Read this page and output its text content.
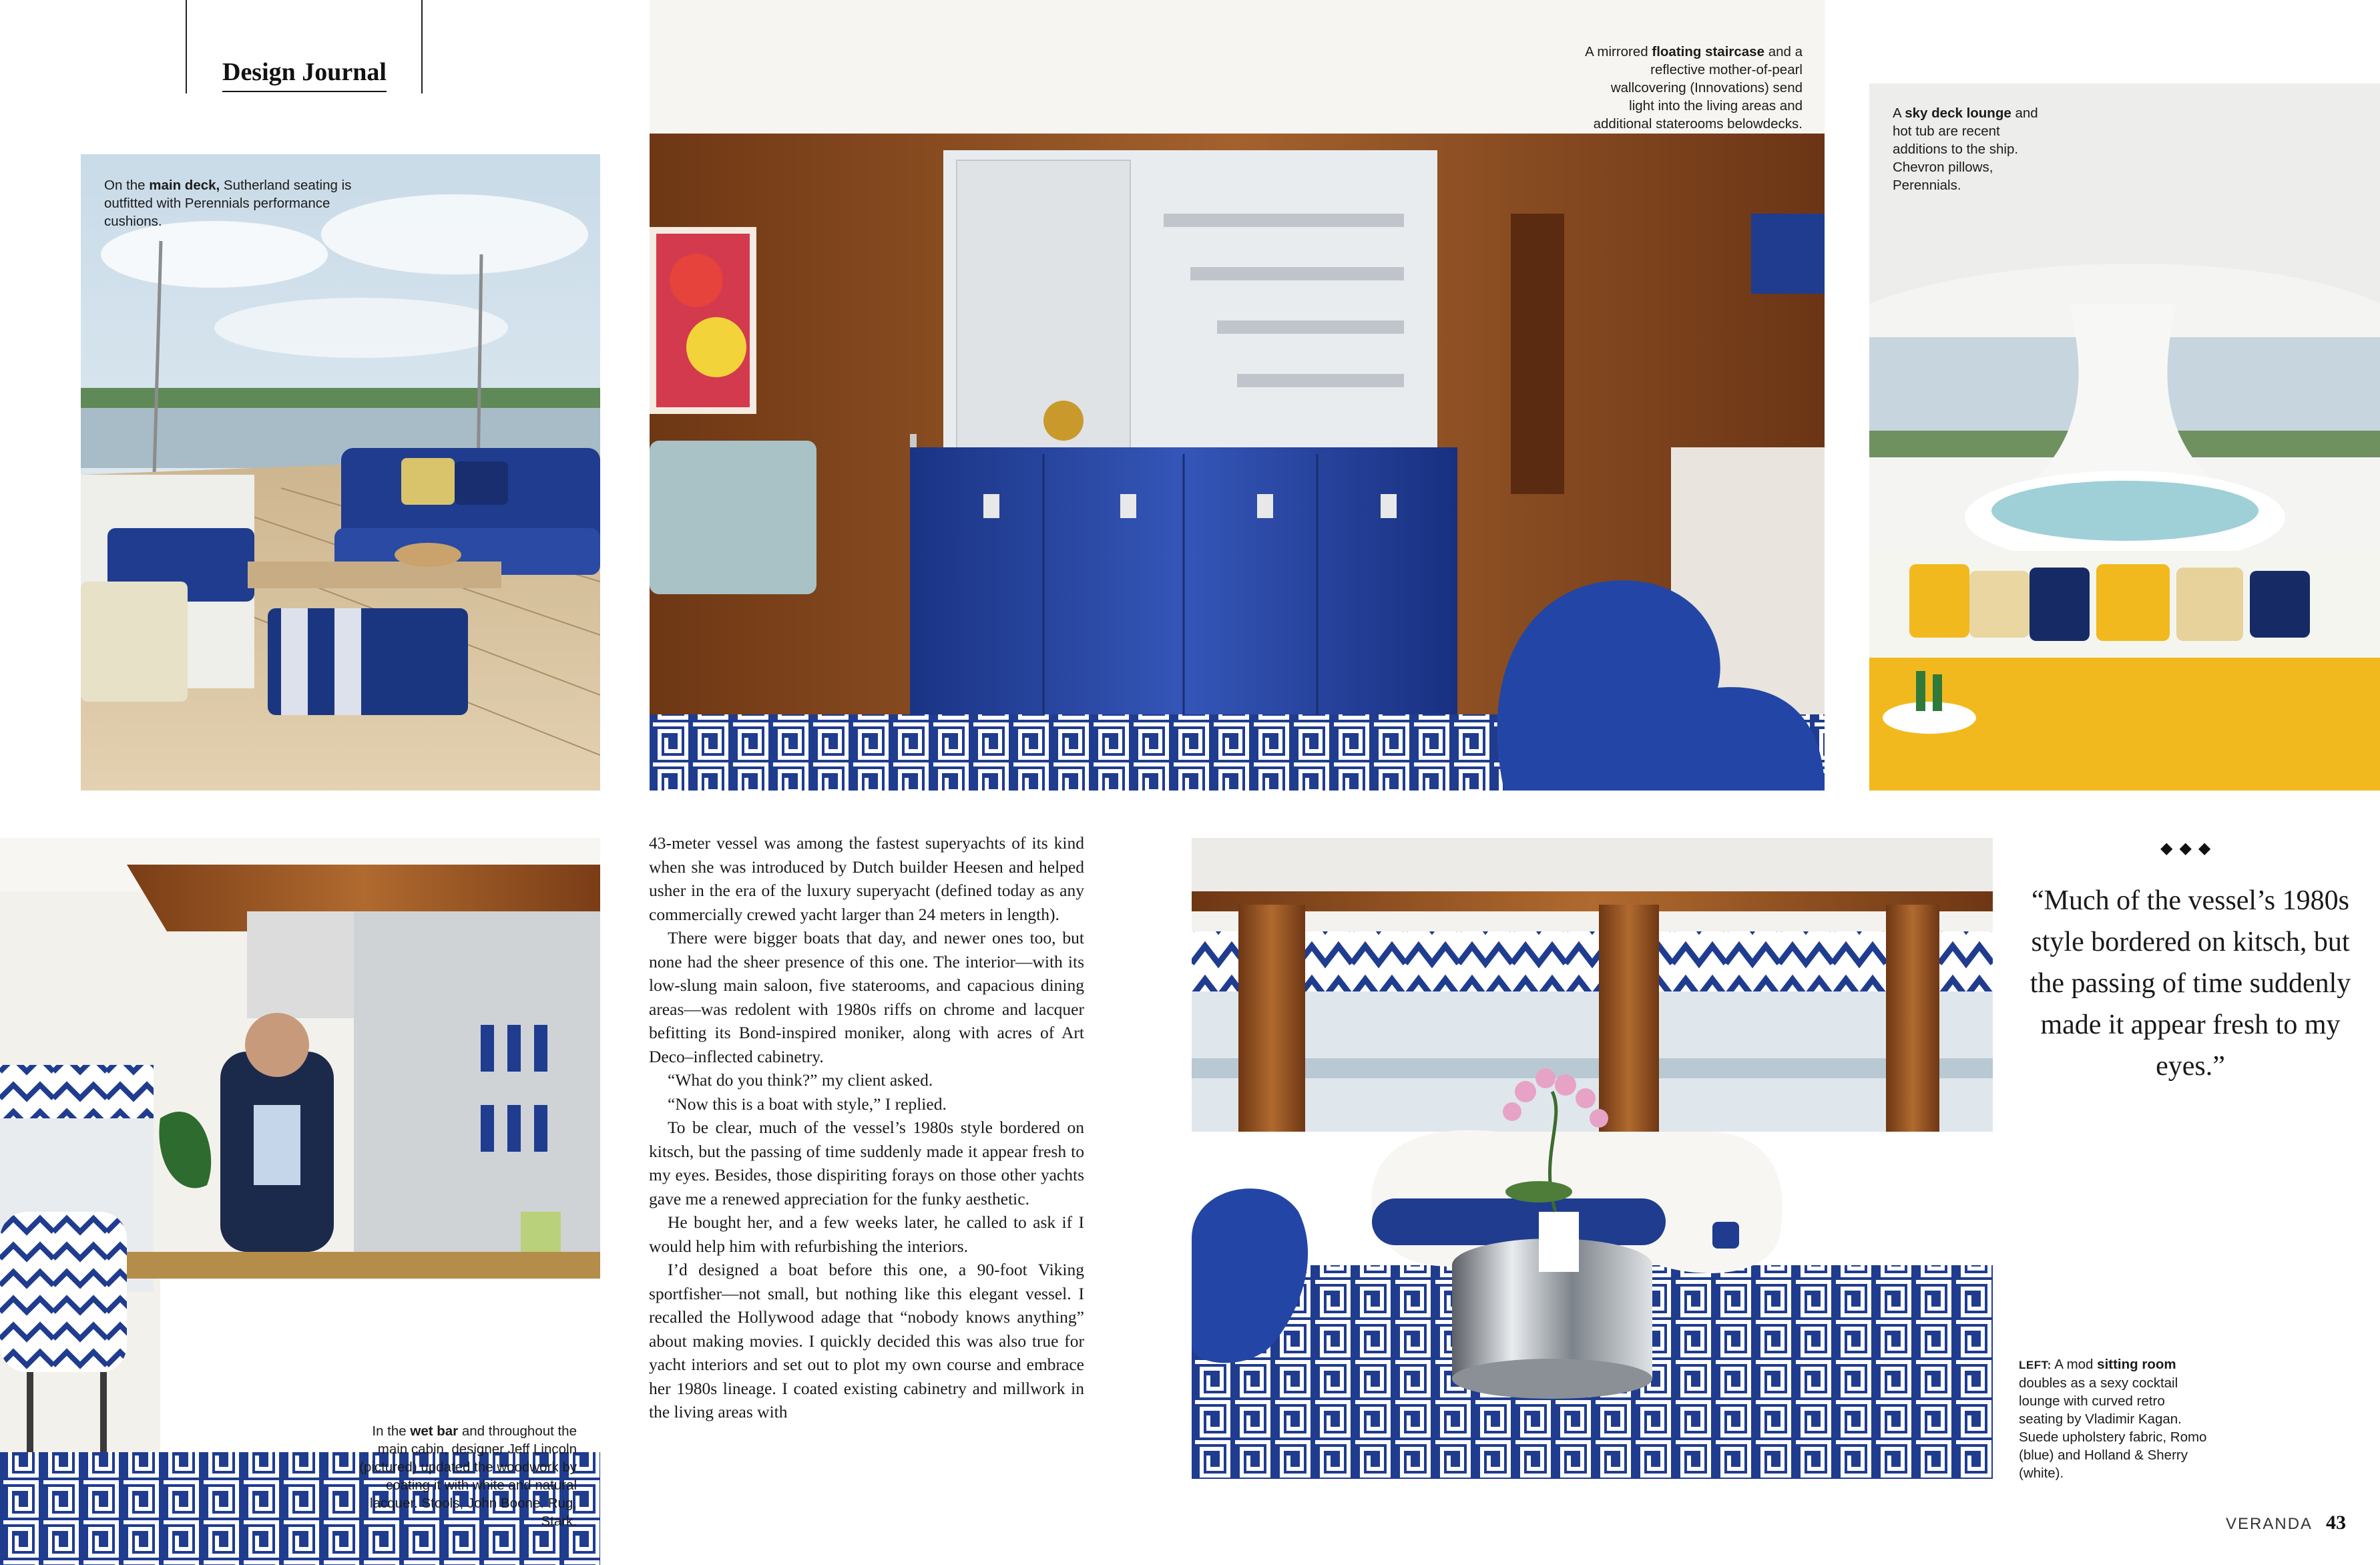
Design Journal
On the main deck, Sutherland seating is outfitted with Perennials performance cushions.
A mirrored floating staircase and a reflective mother-of-pearl wallcovering (Innovations) send light into the living areas and additional staterooms belowdecks.
A sky deck lounge and hot tub are recent additions to the ship. Chevron pillows, Perennials.
In the wet bar and throughout the main cabin, designer Jeff Lincoln (pictured) updated the woodwork by coating it with white and natural lacquer. Stools, John Boone. Rug, Stark.

43-meter vessel was among the fastest superyachts of its kind when she was introduced by Dutch builder Heesen and helped usher in the era of the luxury superyacht (defined today as any commercially crewed yacht larger than 24 meters in length).

There were bigger boats that day, and newer ones too, but none had the sheer presence of this one. The interior—with its low-slung main saloon, five staterooms, and capacious dining areas—was redolent with 1980s riffs on chrome and lacquer befitting its Bond-inspired moniker, along with acres of Art Deco–inflected cabinetry.

“What do you think?” my client asked.

“Now this is a boat with style,” I replied.

To be clear, much of the vessel’s 1980s style bordered on kitsch, but the passing of time suddenly made it appear fresh to my eyes. Besides, those dispiriting forays on those other yachts gave me a renewed appreciation for the funky aesthetic.

He bought her, and a few weeks later, he called to ask if I would help him with refurbishing the interiors.

I’d designed a boat before this one, a 90-foot Viking sportfisher—not small, but nothing like this elegant vessel. I recalled the Hollywood adage that “nobody knows anything” about making movies. I quickly decided this was also true for yacht interiors and set out to plot my own course and embrace her 1980s lineage. I coated existing cabinetry and millwork in the living areas with

◆◆◆
“Much of the vessel’s 1980s style bordered on kitsch, but the passing of time suddenly made it appear fresh to my eyes.”
LEFT: A mod sitting room doubles as a sexy cocktail lounge with curved retro seating by Vladimir Kagan. Suede upholstery fabric, Romo (blue) and Holland & Sherry (white).
VERANDA 43
